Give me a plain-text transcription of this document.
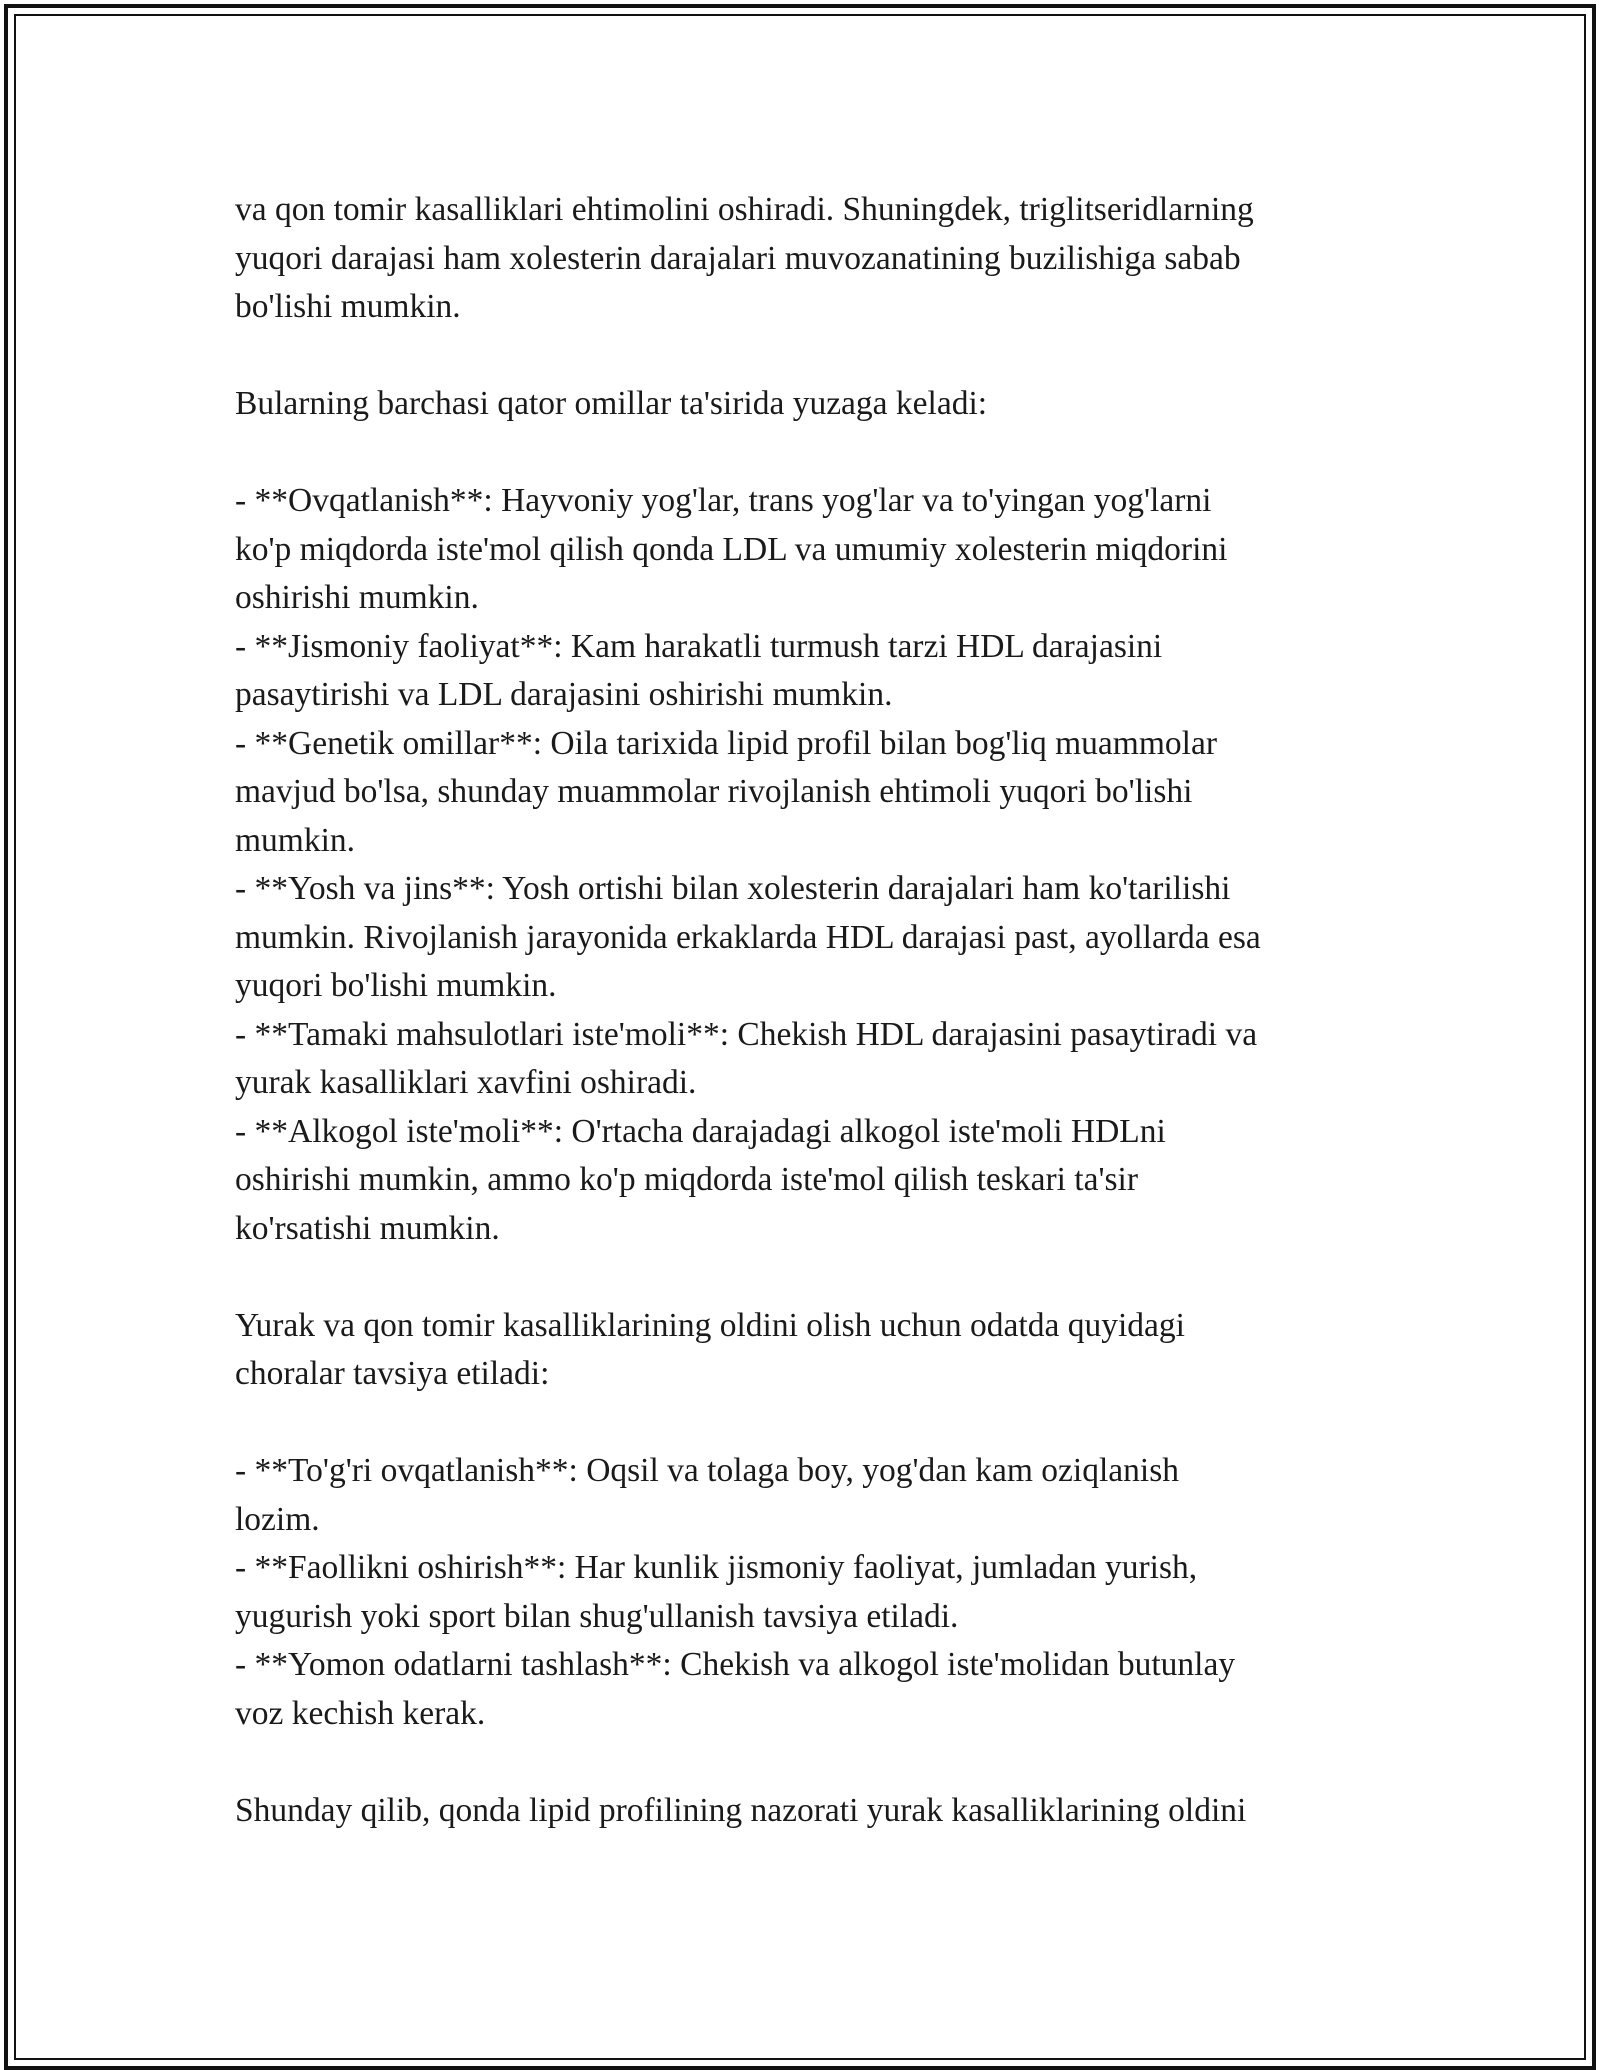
va qon tomir kasalliklari ehtimolini oshiradi. Shuningdek, triglitseridlarning
yuqori darajasi ham xolesterin darajalari muvozanatining buzilishiga sabab
bo'lishi mumkin.

Bularning barchasi qator omillar ta'sirida yuzaga keladi:

- **Ovqatlanish**: Hayvoniy yog'lar, trans yog'lar va to'yingan yog'larni
ko'p miqdorda iste'mol qilish qonda LDL va umumiy xolesterin miqdorini
oshirishi mumkin.

- **Jismoniy faoliyat**: Kam harakatli turmush tarzi HDL darajasini
pasaytirishi va LDL darajasini oshirishi mumkin.

- **Genetik omillar**: Oila tarixida lipid profil bilan bog'liq muammolar
mavjud bo'lsa, shunday muammolar rivojlanish ehtimoli yuqori bo'lishi
mumkin.

- **Yosh va jins**: Yosh ortishi bilan xolesterin darajalari ham ko'tarilishi
mumkin. Rivojlanish jarayonida erkaklarda HDL darajasi past, ayollarda esa
yuqori bo'lishi mumkin.

- **Tamaki mahsulotlari iste'moli**: Chekish HDL darajasini pasaytiradi va
yurak kasalliklari xavfini oshiradi.

- **Alkogol iste'moli**: O'rtacha darajadagi alkogol iste'moli HDLni
oshirishi mumkin, ammo ko'p miqdorda iste'mol qilish teskari ta'sir
ko'rsatishi mumkin.

Yurak va qon tomir kasalliklarining oldini olish uchun odatda quyidagi
choralar tavsiya etiladi:

- **To'g'ri ovqatlanish**: Oqsil va tolaga boy, yog'dan kam oziqlanish
lozim.

- **Faollikni oshirish**: Har kunlik jismoniy faoliyat, jumladan yurish,
yugurish yoki sport bilan shug'ullanish tavsiya etiladi.

- **Yomon odatlarni tashlash**: Chekish va alkogol iste'molidan butunlay
voz kechish kerak.

Shunday qilib, qonda lipid profilining nazorati yurak kasalliklarining oldini
